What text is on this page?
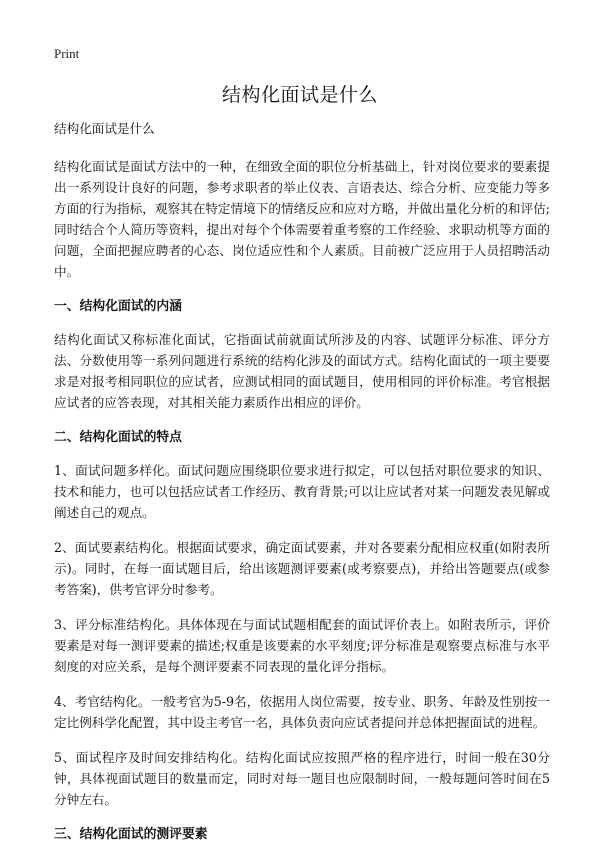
Print
结构化面试是什么

结构化面试是什么

结构化面试是面试方法中的一种，在细致全面的职位分析基础上，针对岗位要求的要素提出一系列设计良好的问题，参考求职者的举止仪表、言语表达、综合分析、应变能力等多方面的行为指标，观察其在特定情境下的情绪反应和应对方略，并做出量化分析的和评估;同时结合个人简历等资料，提出对每个个体需要着重考察的工作经验、求职动机等方面的问题，全面把握应聘者的心态、岗位适应性和个人素质。目前被广泛应用于人员招聘活动中。

一、结构化面试的内涵

结构化面试又称标准化面试，它指面试前就面试所涉及的内容、试题评分标准、评分方法、分数使用等一系列问题进行系统的结构化涉及的面试方式。结构化面试的一项主要要求是对报考相同职位的应试者，应测试相同的面试题目，使用相同的评价标准。考官根据应试者的应答表现，对其相关能力素质作出相应的评价。

二、结构化面试的特点

1、面试问题多样化。面试问题应围绕职位要求进行拟定，可以包括对职位要求的知识、技术和能力，也可以包括应试者工作经历、教育背景;可以让应试者对某一问题发表见解或阐述自己的观点。

2、面试要素结构化。根据面试要求，确定面试要素，并对各要素分配相应权重(如附表所示)。同时，在每一面试题目后，给出该题测评要素(或考察要点)，并给出答题要点(或参考答案)，供考官评分时参考。

3、评分标准结构化。具体体现在与面试试题相配套的面试评价表上。如附表所示，评价要素是对每一测评要素的描述;权重是该要素的水平刻度;评分标准是观察要点标准与水平刻度的对应关系，是每个测评要素不同表现的量化评分指标。

4、考官结构化。一般考官为5-9名，依据用人岗位需要，按专业、职务、年龄及性别按一定比例科学化配置，其中设主考官一名，具体负责向应试者提问并总体把握面试的进程。

5、面试程序及时间安排结构化。结构化面试应按照严格的程序进行，时间一般在30分钟，具体视面试题目的数量而定，同时对每一题目也应限制时间，一般每题问答时间在5分钟左右。

三、结构化面试的测评要素
